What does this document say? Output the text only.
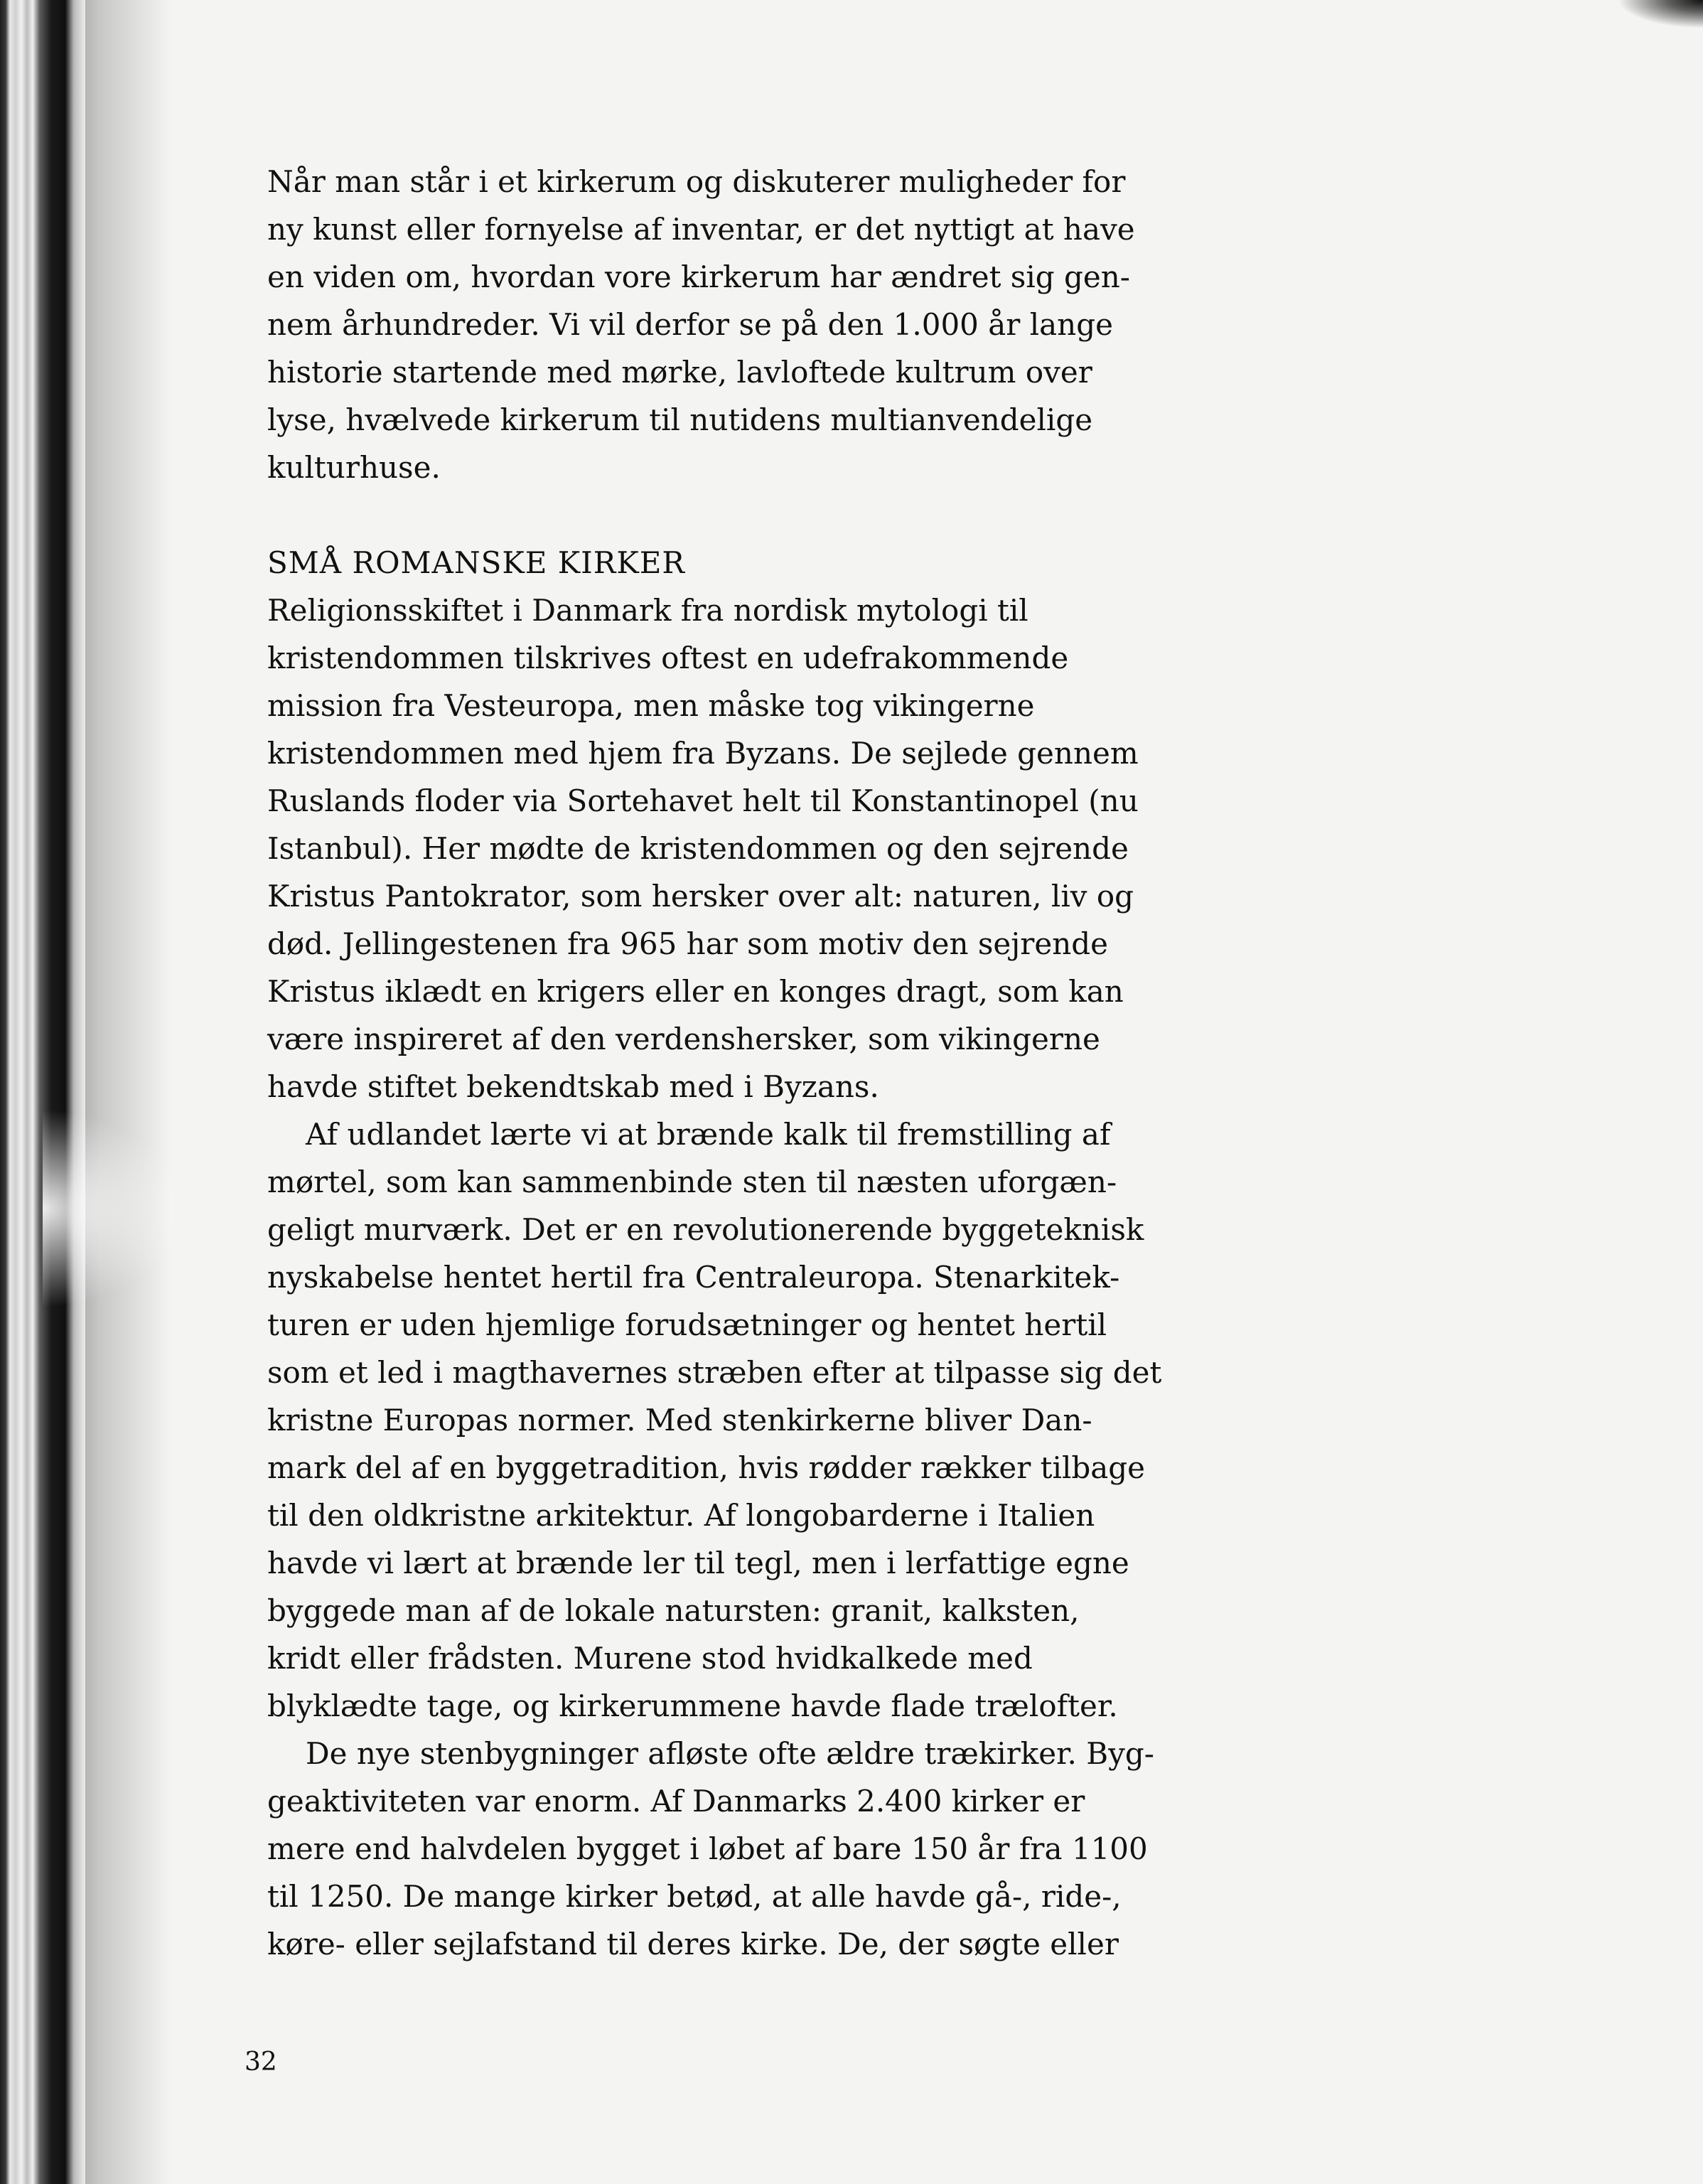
Når man står i et kirkerum og diskuterer muligheder for
ny kunst eller fornyelse af inventar, er det nyttigt at have
en viden om, hvordan vore kirkerum har ændret sig gen-
nem århundreder. Vi vil derfor se på den 1.000 år lange
historie startende med mørke, lavloftede kultrum over
lyse, hvælvede kirkerum til nutidens multianvendelige
kulturhuse.

SMÅ ROMANSKE KIRKER

Religionsskiftet i Danmark fra nordisk mytologi til
kristendommen tilskrives oftest en udefrakommende
mission fra Vesteuropa, men måske tog vikingerne
kristendommen med hjem fra Byzans. De sejlede gennem
Ruslands floder via Sortehavet helt til Konstantinopel (nu
Istanbul). Her mødte de kristendommen og den sejrende
Kristus Pantokrator, som hersker over alt: naturen, liv og
død. Jellingestenen fra 965 har som motiv den sejrende
Kristus iklædt en krigers eller en konges dragt, som kan
være inspireret af den verdenshersker, som vikingerne
havde stiftet bekendtskab med i Byzans.

Af udlandet lærte vi at brænde kalk til fremstilling af
mørtel, som kan sammenbinde sten til næsten uforgæn-
geligt murværk. Det er en revolutionerende byggeteknisk
nyskabelse hentet hertil fra Centraleuropa. Stenarkitek-
turen er uden hjemlige forudsætninger og hentet hertil
som et led i magthavernes stræben efter at tilpasse sig det
kristne Europas normer. Med stenkirkerne bliver Dan-
mark del af en byggetradition, hvis rødder rækker tilbage
til den oldkristne arkitektur. Af longobarderne i Italien
havde vi lært at brænde ler til tegl, men i lerfattige egne
byggede man af de lokale natursten: granit, kalksten,
kridt eller frådsten. Murene stod hvidkalkede med
blyklædte tage, og kirkerummene havde flade trælofter.

De nye stenbygninger afløste ofte ældre trækirker. Byg-
geaktiviteten var enorm. Af Danmarks 2.400 kirker er
mere end halvdelen bygget i løbet af bare 150 år fra 1100
til 1250. De mange kirker betød, at alle havde gå-, ride-,
køre- eller sejlafstand til deres kirke. De, der søgte eller

32
